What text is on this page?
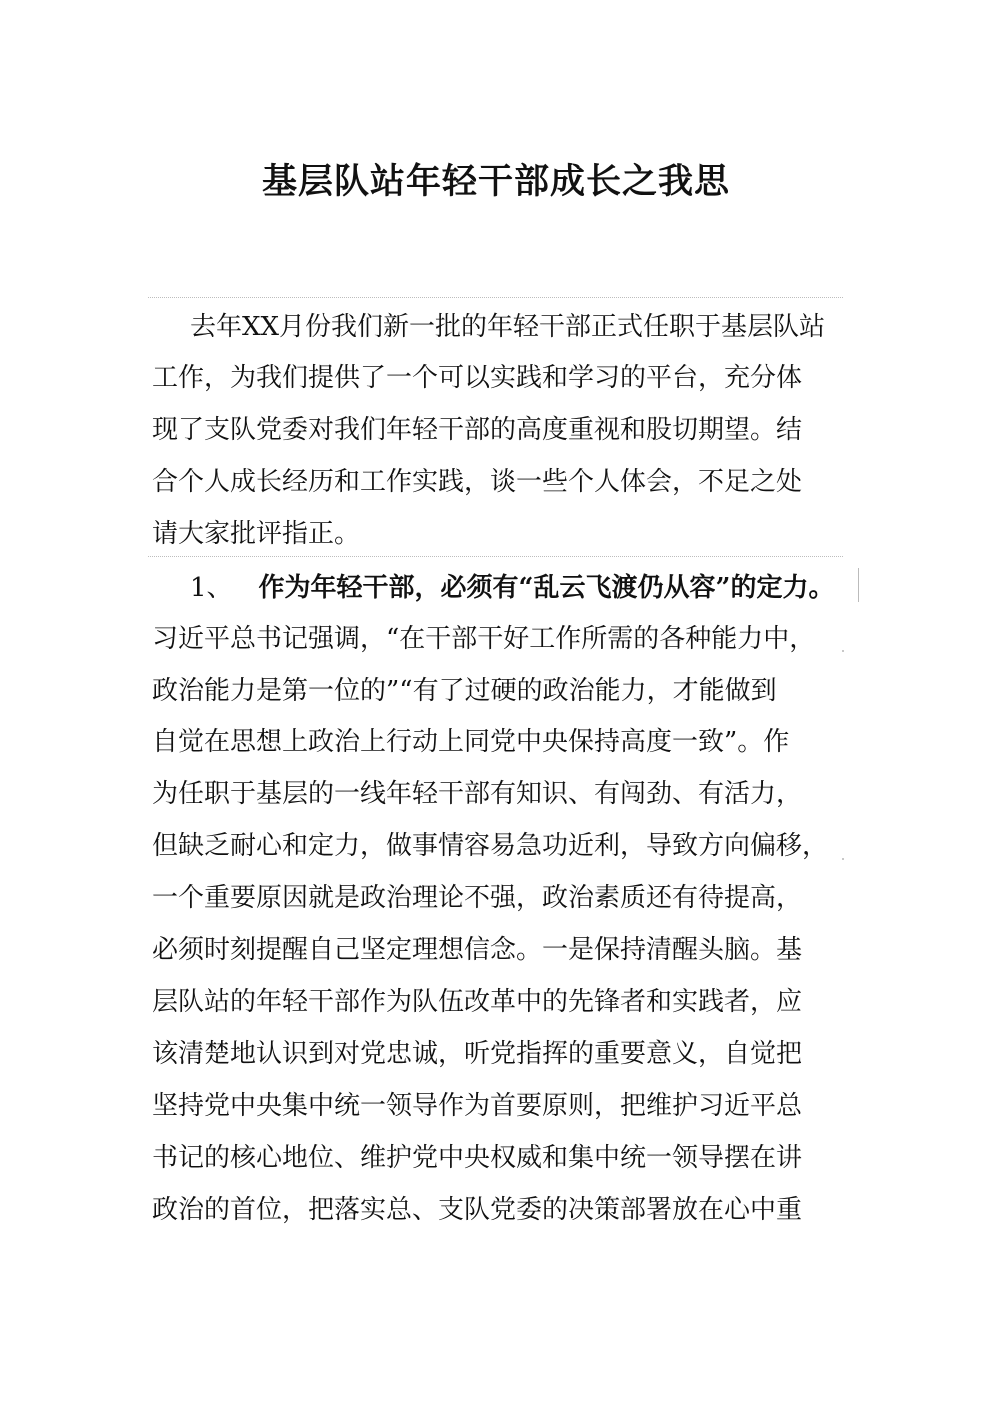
基层队站年轻干部成长之我思
去年XX月份我们新一批的年轻干部正式任职于基层队站
工作，为我们提供了一个可以实践和学习的平台，充分体
现了支队党委对我们年轻干部的高度重视和股切期望。结
合个人成长经历和工作实践，谈一些个人体会，不足之处
请大家批评指正。
1、 作为年轻干部，必须有“乱云飞渡仍从容”的定力。
习近平总书记强调，“在干部干好工作所需的各种能力中，
政治能力是第一位的”“有了过硬的政治能力，才能做到
自觉在思想上政治上行动上同党中央保持高度一致”。作
为任职于基层的一线年轻干部有知识、有闯劲、有活力，
但缺乏耐心和定力，做事情容易急功近利，导致方向偏移，
一个重要原因就是政治理论不强，政治素质还有待提高，
必须时刻提醒自己坚定理想信念。一是保持清醒头脑。基
层队站的年轻干部作为队伍改革中的先锋者和实践者，应
该清楚地认识到对党忠诚，听党指挥的重要意义，自觉把
坚持党中央集中统一领导作为首要原则，把维护习近平总
书记的核心地位、维护党中央权威和集中统一领导摆在讲
政治的首位，把落实总、支队党委的决策部署放在心中重
